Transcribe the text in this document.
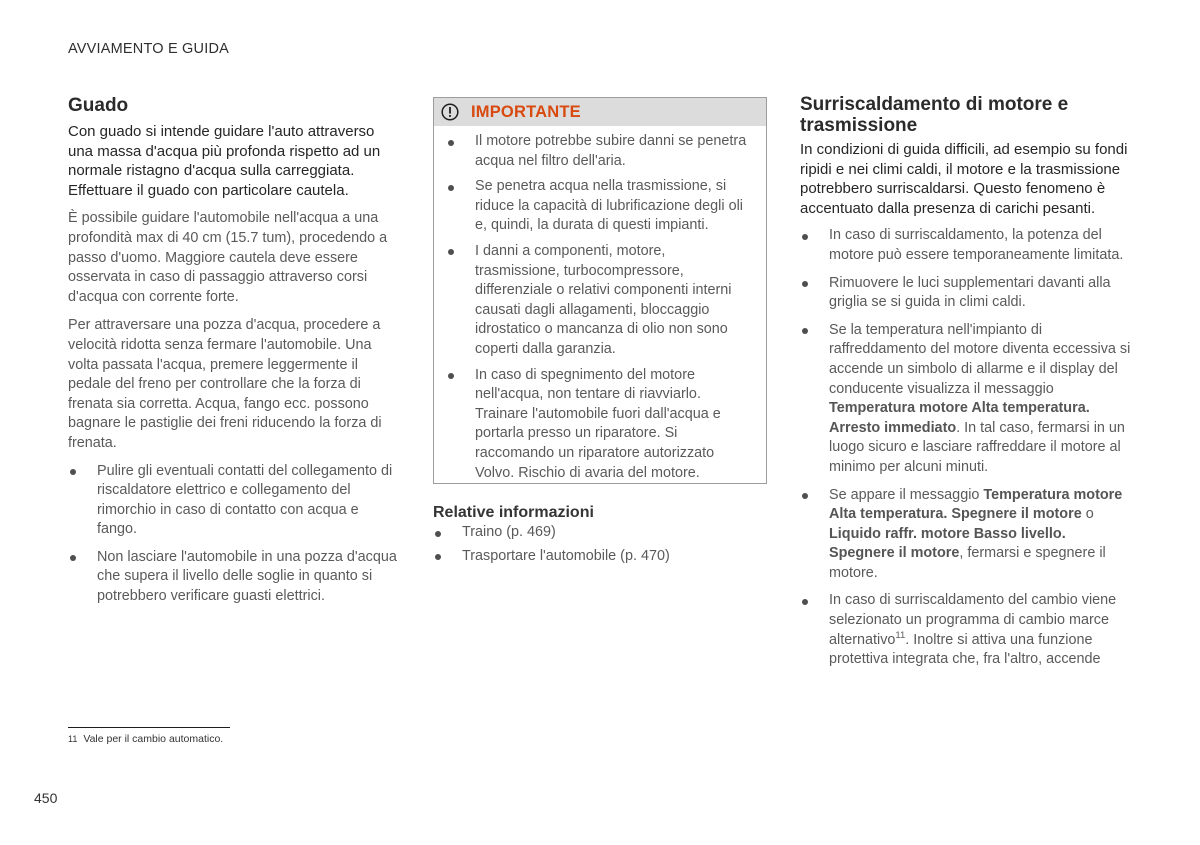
AVVIAMENTO E GUIDA
Guado

Con guado si intende guidare l'auto attraverso una massa d'acqua più profonda rispetto ad un normale ristagno d'acqua sulla carreggiata. Effettuare il guado con particolare cautela.

È possibile guidare l'automobile nell'acqua a una profondità max di 40 cm (15.7 tum), procedendo a passo d'uomo. Maggiore cautela deve essere osservata in caso di passaggio attraverso corsi d'acqua con corrente forte.

Per attraversare una pozza d'acqua, procedere a velocità ridotta senza fermare l'automobile. Una volta passata l'acqua, premere leggermente il pedale del freno per controllare che la forza di frenata sia corretta. Acqua, fango ecc. possono bagnare le pastiglie dei freni riducendo la forza di frenata.

Pulire gli eventuali contatti del collegamento di riscaldatore elettrico e collegamento del rimorchio in caso di contatto con acqua e fango.
Non lasciare l'automobile in una pozza d'acqua che supera il livello delle soglie in quanto si potrebbero verificare guasti elettrici.
IMPORTANTE
Il motore potrebbe subire danni se penetra acqua nel filtro dell'aria.
Se penetra acqua nella trasmissione, si riduce la capacità di lubrificazione degli oli e, quindi, la durata di questi impianti.
I danni a componenti, motore, trasmissione, turbocompressore, differenziale o relativi componenti interni causati dagli allagamenti, bloccaggio idrostatico o mancanza di olio non sono coperti dalla garanzia.
In caso di spegnimento del motore nell'acqua, non tentare di riavviarlo. Trainare l'automobile fuori dall'acqua e portarla presso un riparatore. Si raccomando un riparatore autorizzato Volvo. Rischio di avaria del motore.
Relative informazioni
Traino (p. 469)
Trasportare l'automobile (p. 470)
Surriscaldamento di motore e trasmissione

In condizioni di guida difficili, ad esempio su fondi ripidi e nei climi caldi, il motore e la trasmissione potrebbero surriscaldarsi. Questo fenomeno è accentuato dalla presenza di carichi pesanti.

In caso di surriscaldamento, la potenza del motore può essere temporaneamente limitata.
Rimuovere le luci supplementari davanti alla griglia se si guida in climi caldi.
Se la temperatura nell'impianto di raffreddamento del motore diventa eccessiva si accende un simbolo di allarme e il display del conducente visualizza il messaggio Temperatura motore Alta temperatura. Arresto immediato. In tal caso, fermarsi in un luogo sicuro e lasciare raffreddare il motore al minimo per alcuni minuti.
Se appare il messaggio Temperatura motore Alta temperatura. Spegnere il motore o Liquido raffr. motore Basso livello. Spegnere il motore, fermarsi e spegnere il motore.
In caso di surriscaldamento del cambio viene selezionato un programma di cambio marce alternativo$^{11}$. Inoltre si attiva una funzione protettiva integrata che, fra l'altro, accende
11 Vale per il cambio automatico.
450
